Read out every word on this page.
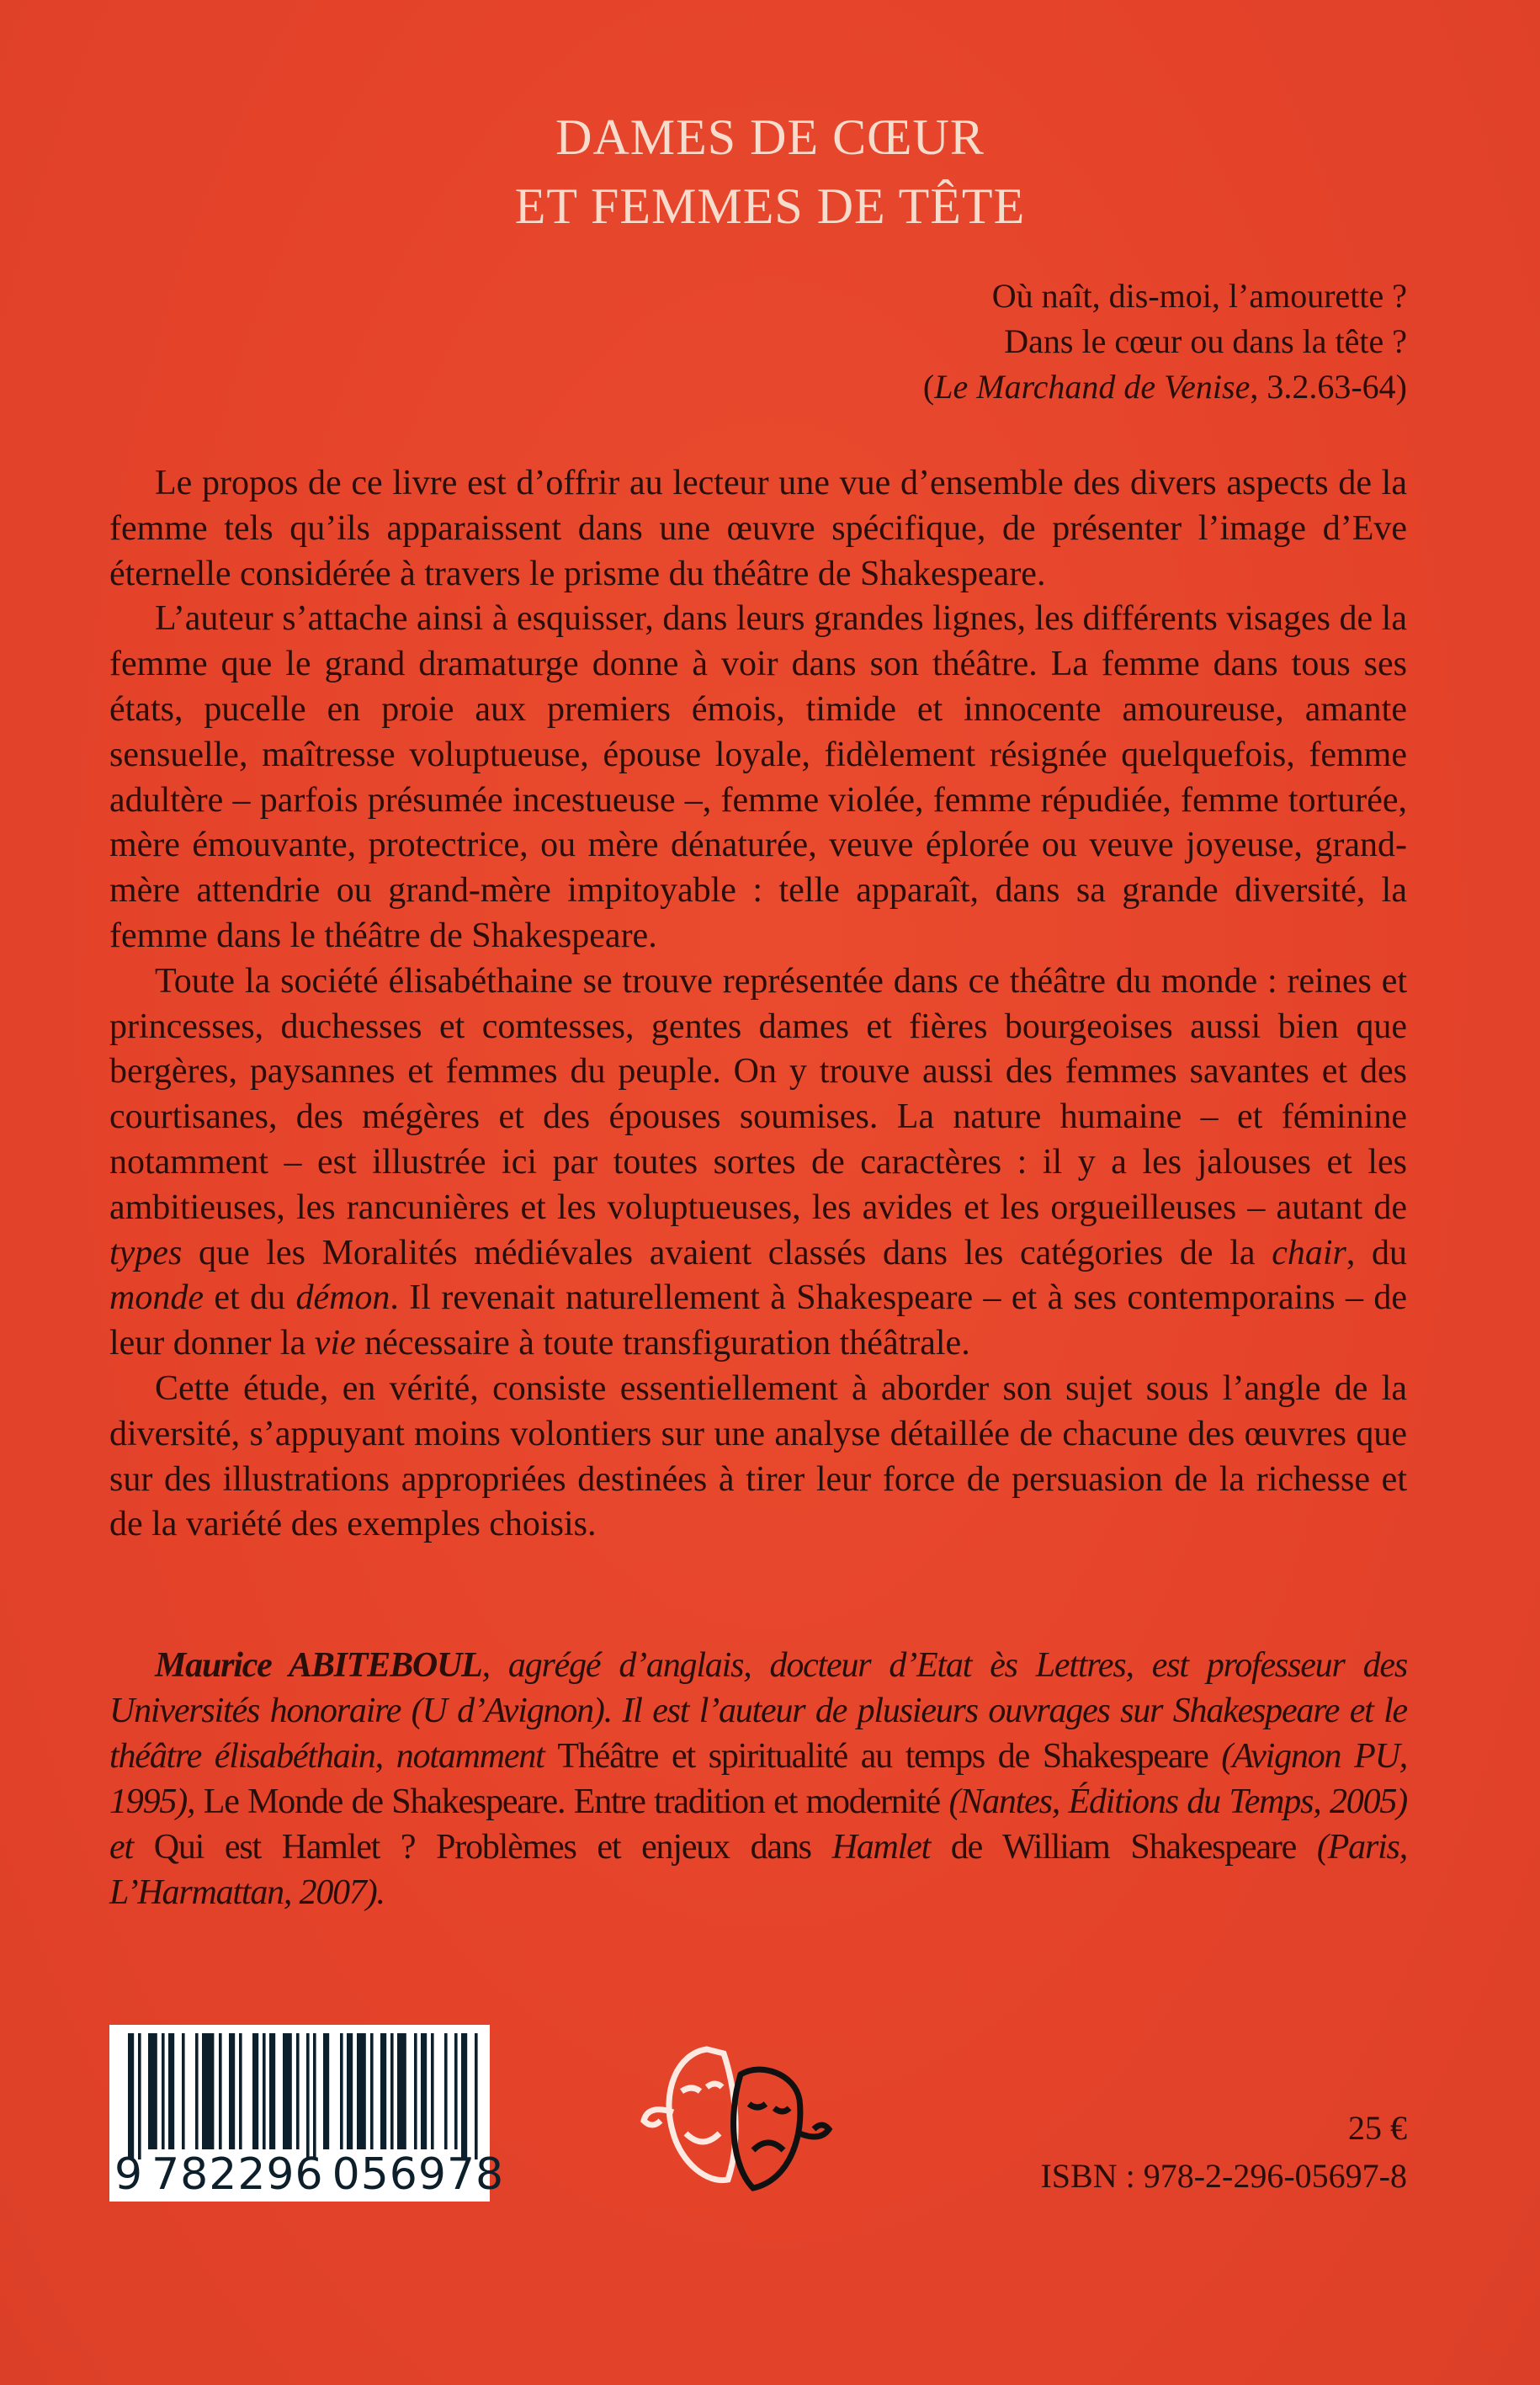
DAMES DE CŒUR
ET FEMMES DE TÊTE
Où naît, dis-moi, l’amourette ?
Dans le cœur ou dans la tête ?
(Le Marchand de Venise, 3.2.63-64)

Le propos de ce livre est d’offrir au lecteur une vue d’ensemble des divers aspects de la femme tels qu’ils apparaissent dans une œuvre spécifique, de présenter l’image d’Eve éternelle considérée à travers le prisme du théâtre de Shakespeare.

L’auteur s’attache ainsi à esquisser, dans leurs grandes lignes, les différents visages de la femme que le grand dramaturge donne à voir dans son théâtre. La femme dans tous ses états, pucelle en proie aux premiers émois, timide et innocente amoureuse, amante sensuelle, maîtresse voluptueuse, épouse loyale, fidèlement résignée quelquefois, femme adultère – parfois présumée incestueuse –, femme violée, femme répudiée, femme torturée, mère émouvante, protectrice, ou mère dénaturée, veuve éplorée ou veuve joyeuse, grand-mère attendrie ou grand-mère impitoyable : telle apparaît, dans sa grande diversité, la femme dans le théâtre de Shakespeare.

Toute la société élisabéthaine se trouve représentée dans ce théâtre du monde : reines et princesses, duchesses et comtesses, gentes dames et fières bourgeoises aussi bien que bergères, paysannes et femmes du peuple. On y trouve aussi des femmes savantes et des courtisanes, des mégères et des épouses soumises. La nature humaine – et féminine notamment – est illustrée ici par toutes sortes de caractères : il y a les jalouses et les ambitieuses, les rancunières et les voluptueuses, les avides et les orgueilleuses – autant de types que les Moralités médiévales avaient classés dans les catégories de la chair, du monde et du démon. Il revenait naturellement à Shakespeare – et à ses contemporains – de leur donner la vie nécessaire à toute transfiguration théâtrale.

Cette étude, en vérité, consiste essentiellement à aborder son sujet sous l’angle de la diversité, s’appuyant moins volontiers sur une analyse détaillée de chacune des œuvres que sur des illustrations appropriées destinées à tirer leur force de persuasion de la richesse et de la variété des exemples choisis.

Maurice ABITEBOUL, agrégé d’anglais, docteur d’Etat ès Lettres, est professeur des Universités honoraire (U d’Avignon). Il est l’auteur de plusieurs ouvrages sur Shakespeare et le théâtre élisabéthain, notamment Théâtre et spiritualité au temps de Shakespeare (Avignon PU, 1995), Le Monde de Shakespeare. Entre tradition et modernité (Nantes, Éditions du Temps, 2005) et Qui est Hamlet ? Problèmes et enjeux dans Hamlet de William Shakespeare (Paris, L’Harmattan, 2007).

9 782296 056978
25 €
ISBN : 978-2-296-05697-8
